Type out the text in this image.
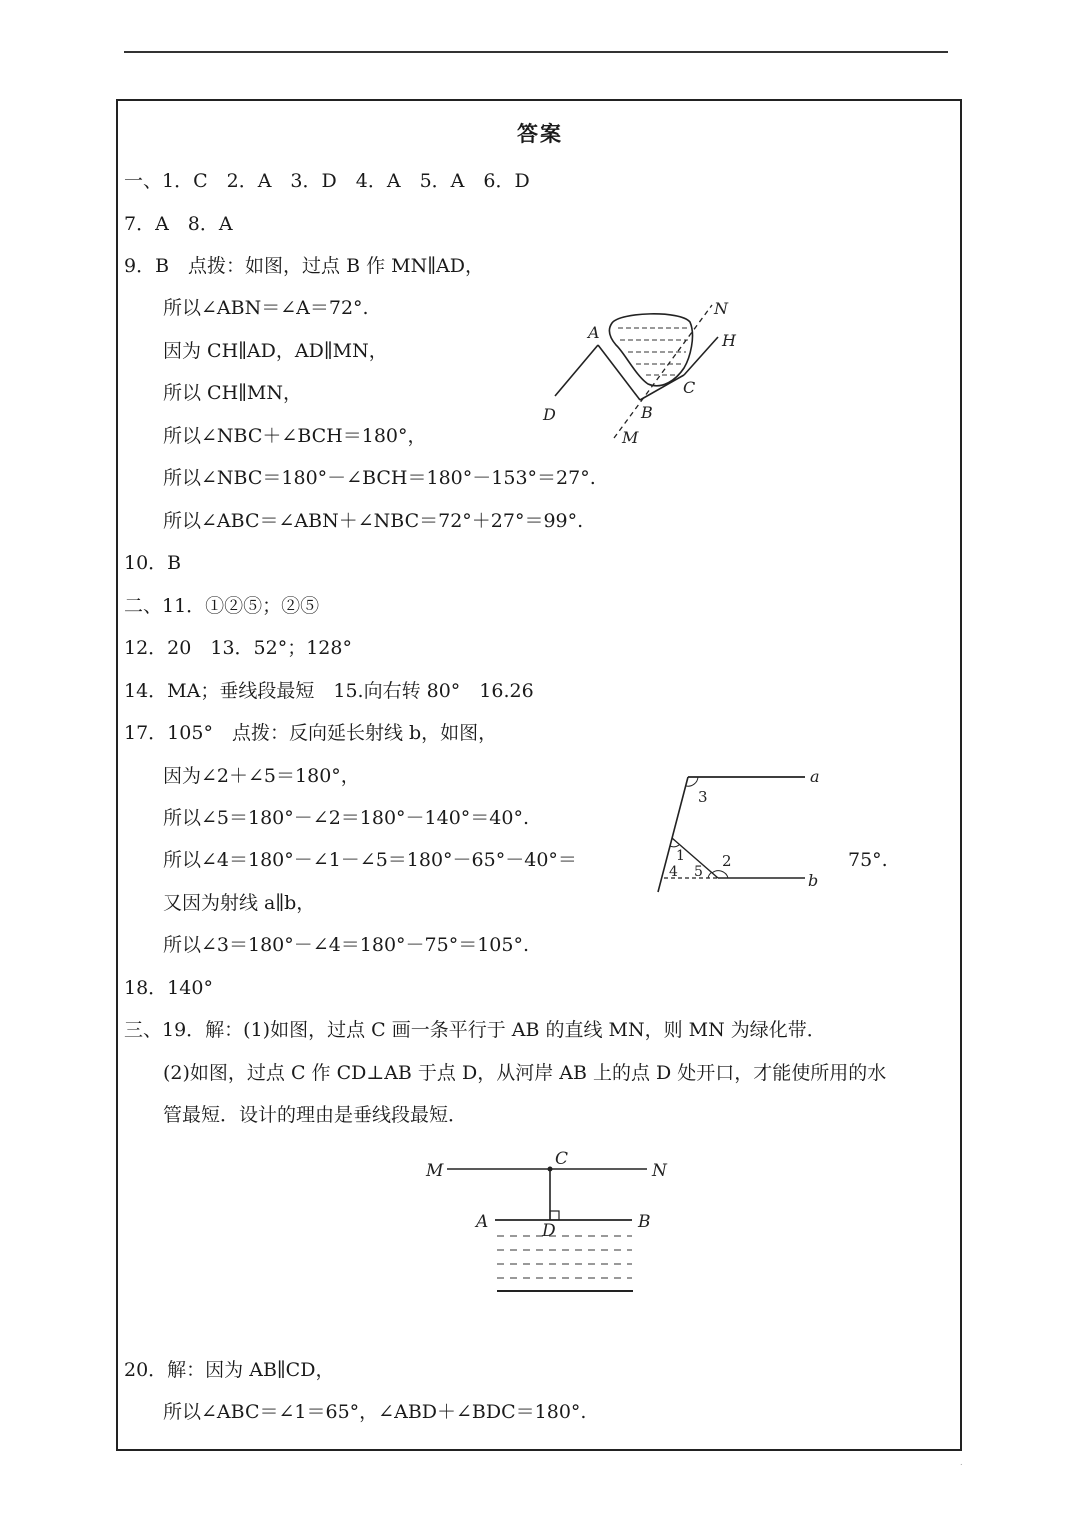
答案
一、1．C　2．A　3．D　4．A　5．A　6．D
7．A　8．A
9．B　点拨：如图，过点 B 作 MN∥AD，
所以∠ABN＝∠A＝72°.
因为 CH∥AD，AD∥MN，
所以 CH∥MN，
所以∠NBC＋∠BCH＝180°，
所以∠NBC＝180°－∠BCH＝180°－153°＝27°.
所以∠ABC＝∠ABN＋∠NBC＝72°＋27°＝99°.
10．B
二、11．①②⑤；②⑤
12．20　13．52°；128°
14．MA；垂线段最短　15.向右转 80°　16.26
17．105°　点拨：反向延长射线 b，如图，
因为∠2＋∠5＝180°，
所以∠5＝180°－∠2＝180°－140°＝40°.
所以∠4＝180°－∠1－∠5＝180°－65°－40°＝	75°.
又因为射线 a∥b，
所以∠3＝180°－∠4＝180°－75°＝105°.
18．140°
三、19．解：(1)如图，过点 C 画一条平行于 AB 的直线 MN，则 MN 为绿化带．
(2)如图，过点 C 作 CD⊥AB 于点 D，从河岸 AB 上的点 D 处开口，才能使所用的水
管最短．设计的理由是垂线段最短．
20．解：因为 AB∥CD，
所以∠ABC＝∠1＝65°，∠ABD＋∠BDC＝180°.
A
N
H
C
B
D
M
a
3
1 2
4 5	b
M
C
N
A	D	B
.
